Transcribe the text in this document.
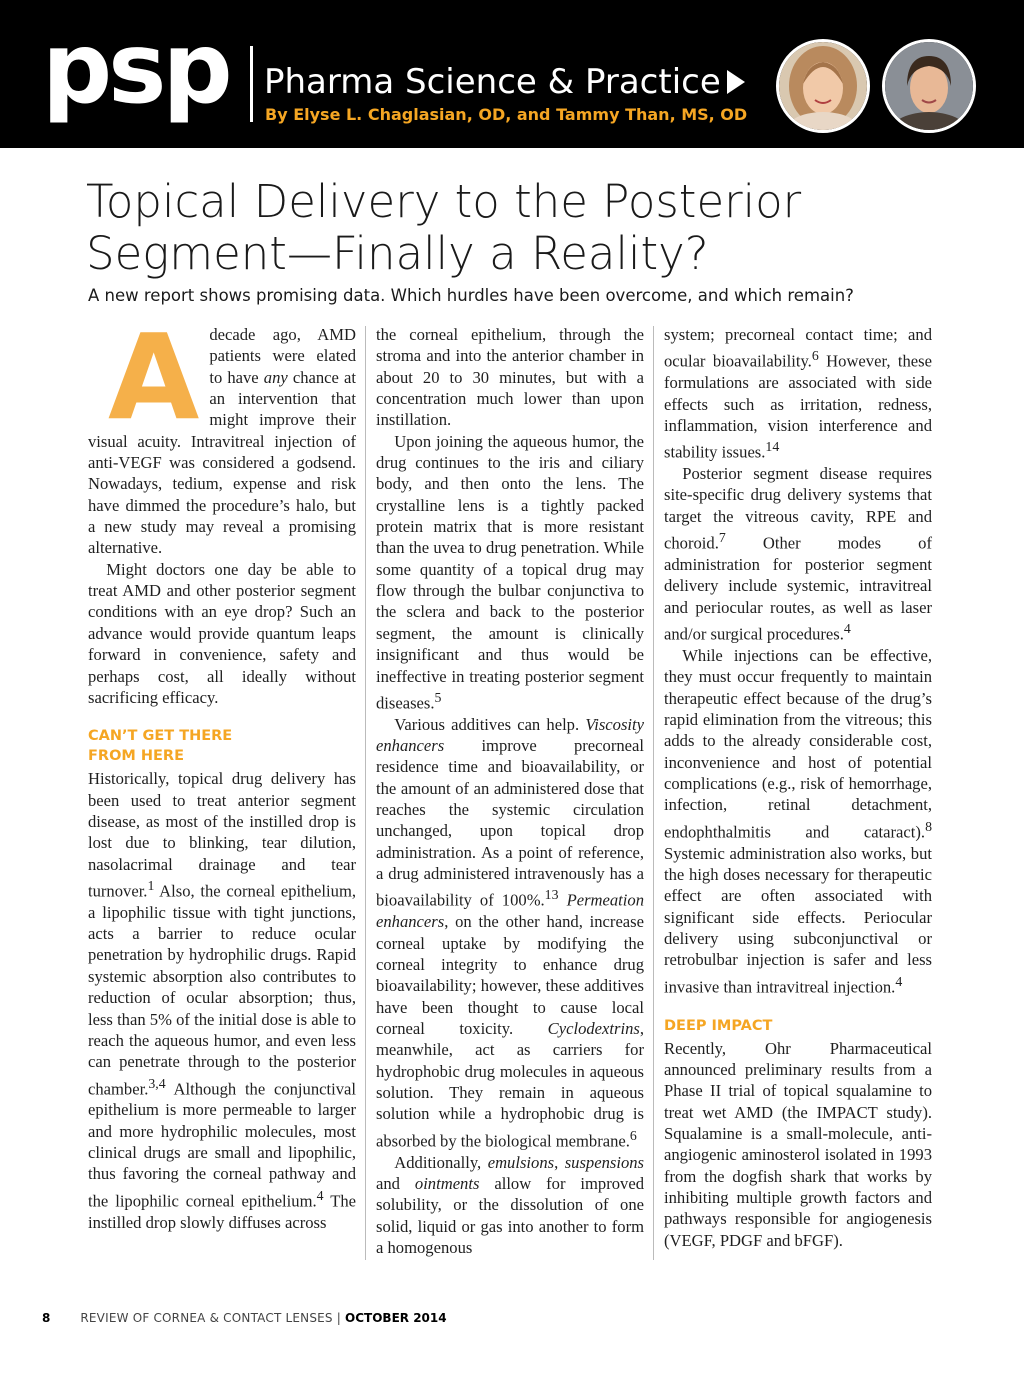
psp Pharma Science & Practice
By Elyse L. Chaglasian, OD, and Tammy Than, MS, OD
Topical Delivery to the Posterior
Segment—Finally a Reality?
A new report shows promising data. Which hurdles have been overcome, and which remain?

Adecade ago, AMD patients were elated to have any chance at an intervention that might improve their visual acuity. Intravitreal injection of anti-VEGF was considered a godsend. Nowadays, tedium, expense and risk have dimmed the procedure’s halo, but a new study may reveal a promising alternative.

Might doctors one day be able to treat AMD and other posterior segment conditions with an eye drop? Such an advance would provide quantum leaps forward in convenience, safety and perhaps cost, all ideally without sacrificing efficacy.

CAN’T GET THERE
FROM HERE

Historically, topical drug delivery has been used to treat anterior segment disease, as most of the instilled drop is lost due to blinking, tear dilution, nasolacrimal drainage and tear turnover.$^1$ Also, the corneal epithelium, a lipophilic tissue with tight junctions, acts a barrier to reduce ocular penetration by hydrophilic drugs. Rapid systemic absorption also contributes to reduction of ocular absorption; thus, less than 5% of the initial dose is able to reach the aqueous humor, and even less can penetrate through to the posterior chamber.$^{3,4}$ Although the conjunctival epithelium is more permeable to larger and more hydrophilic molecules, most clinical drugs are small and lipophilic, thus favoring the corneal pathway and the lipophilic corneal epithelium.$^4$ The instilled drop slowly diffuses across

the corneal epithelium, through the stroma and into the anterior chamber in about 20 to 30 minutes, but with a concentration much lower than upon instillation.

Upon joining the aqueous humor, the drug continues to the iris and ciliary body, and then onto the lens. The crystalline lens is a tightly packed protein matrix that is more resistant than the uvea to drug penetration. While some quantity of a topical drug may flow through the bulbar conjunctiva to the sclera and back to the posterior segment, the amount is clinically insignificant and thus would be ineffective in treating posterior segment diseases.$^5$

Various additives can help. Viscosity enhancers improve precorneal residence time and bioavailability, or the amount of an administered dose that reaches the systemic circulation unchanged, upon topical drop administration. As a point of reference, a drug administered intravenously has a bioavailability of 100%.$^{13}$ Permeation enhancers, on the other hand, increase corneal uptake by modifying the corneal integrity to enhance drug bioavailability; however, these additives have been thought to cause local corneal toxicity. Cyclodextrins, meanwhile, act as carriers for hydrophobic drug molecules in aqueous solution. They remain in aqueous solution while a hydrophobic drug is absorbed by the biological membrane.$^6$

Additionally, emulsions, suspensions and ointments allow for improved solubility, or the dissolution of one solid, liquid or gas into another to form a homogenous

system; precorneal contact time; and ocular bioavailability.$^6$ However, these formulations are associated with side effects such as irritation, redness, inflammation, vision interference and stability issues.$^{14}$

Posterior segment disease requires site-specific drug delivery systems that target the vitreous cavity, RPE and choroid.$^7$ Other modes of administration for posterior segment delivery include systemic, intravitreal and periocular routes, as well as laser and/or surgical procedures.$^4$

While injections can be effective, they must occur frequently to maintain therapeutic effect because of the drug’s rapid elimination from the vitreous; this adds to the already considerable cost, inconvenience and host of potential complications (e.g., risk of hemorrhage, infection, retinal detachment, endophthalmitis and cataract).$^8$ Systemic administration also works, but the high doses necessary for therapeutic effect are often associated with significant side effects. Periocular delivery using subconjunctival or retrobulbar injection is safer and less invasive than intravitreal injection.$^4$

DEEP IMPACT

Recently, Ohr Pharmaceutical announced preliminary results from a Phase II trial of topical squalamine to treat wet AMD (the IMPACT study). Squalamine is a small-molecule, anti-angiogenic aminosterol isolated in 1993 from the dogfish shark that works by inhibiting multiple growth factors and pathways responsible for angiogenesis (VEGF, PDGF and bFGF).

8	REVIEW OF CORNEA & CONTACT LENSES | OCTOBER 2014
